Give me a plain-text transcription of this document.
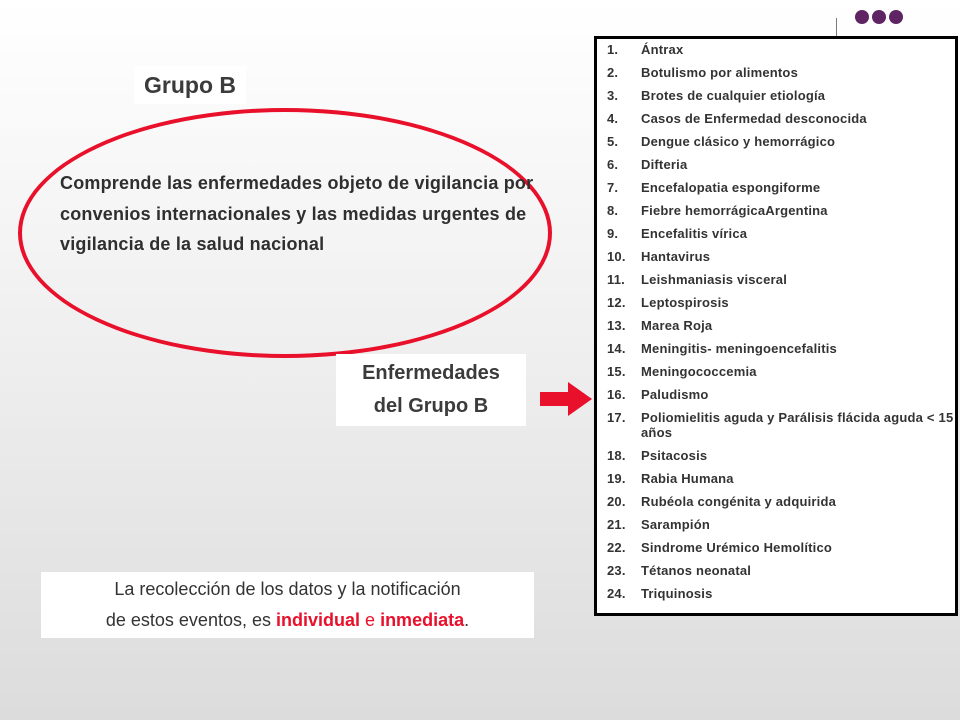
Grupo B
Comprende las enfermedades objeto de vigilancia por convenios internacionales y las medidas urgentes de vigilancia de la salud nacional
Enfermedades
del Grupo B
1. Ántrax
2. Botulismo por alimentos
3. Brotes de cualquier etiología
4. Casos de Enfermedad desconocida
5. Dengue clásico y hemorrágico
6. Difteria
7. Encefalopatia espongiforme
8. Fiebre hemorrágicaArgentina
9. Encefalitis vírica
10. Hantavirus
11. Leishmaniasis visceral
12. Leptospirosis
13. Marea Roja
14. Meningitis- meningoencefalitis
15. Meningococcemia
16. Paludismo
17. Poliomielitis aguda y Parálisis flácida aguda < 15 años
18. Psitacosis
19. Rabia Humana
20. Rubéola congénita y adquirida
21. Sarampión
22. Sindrome Urémico Hemolítico
23. Tétanos neonatal
24. Triquinosis
La recolección de los datos y la notificación
de estos eventos, es individual e inmediata.
